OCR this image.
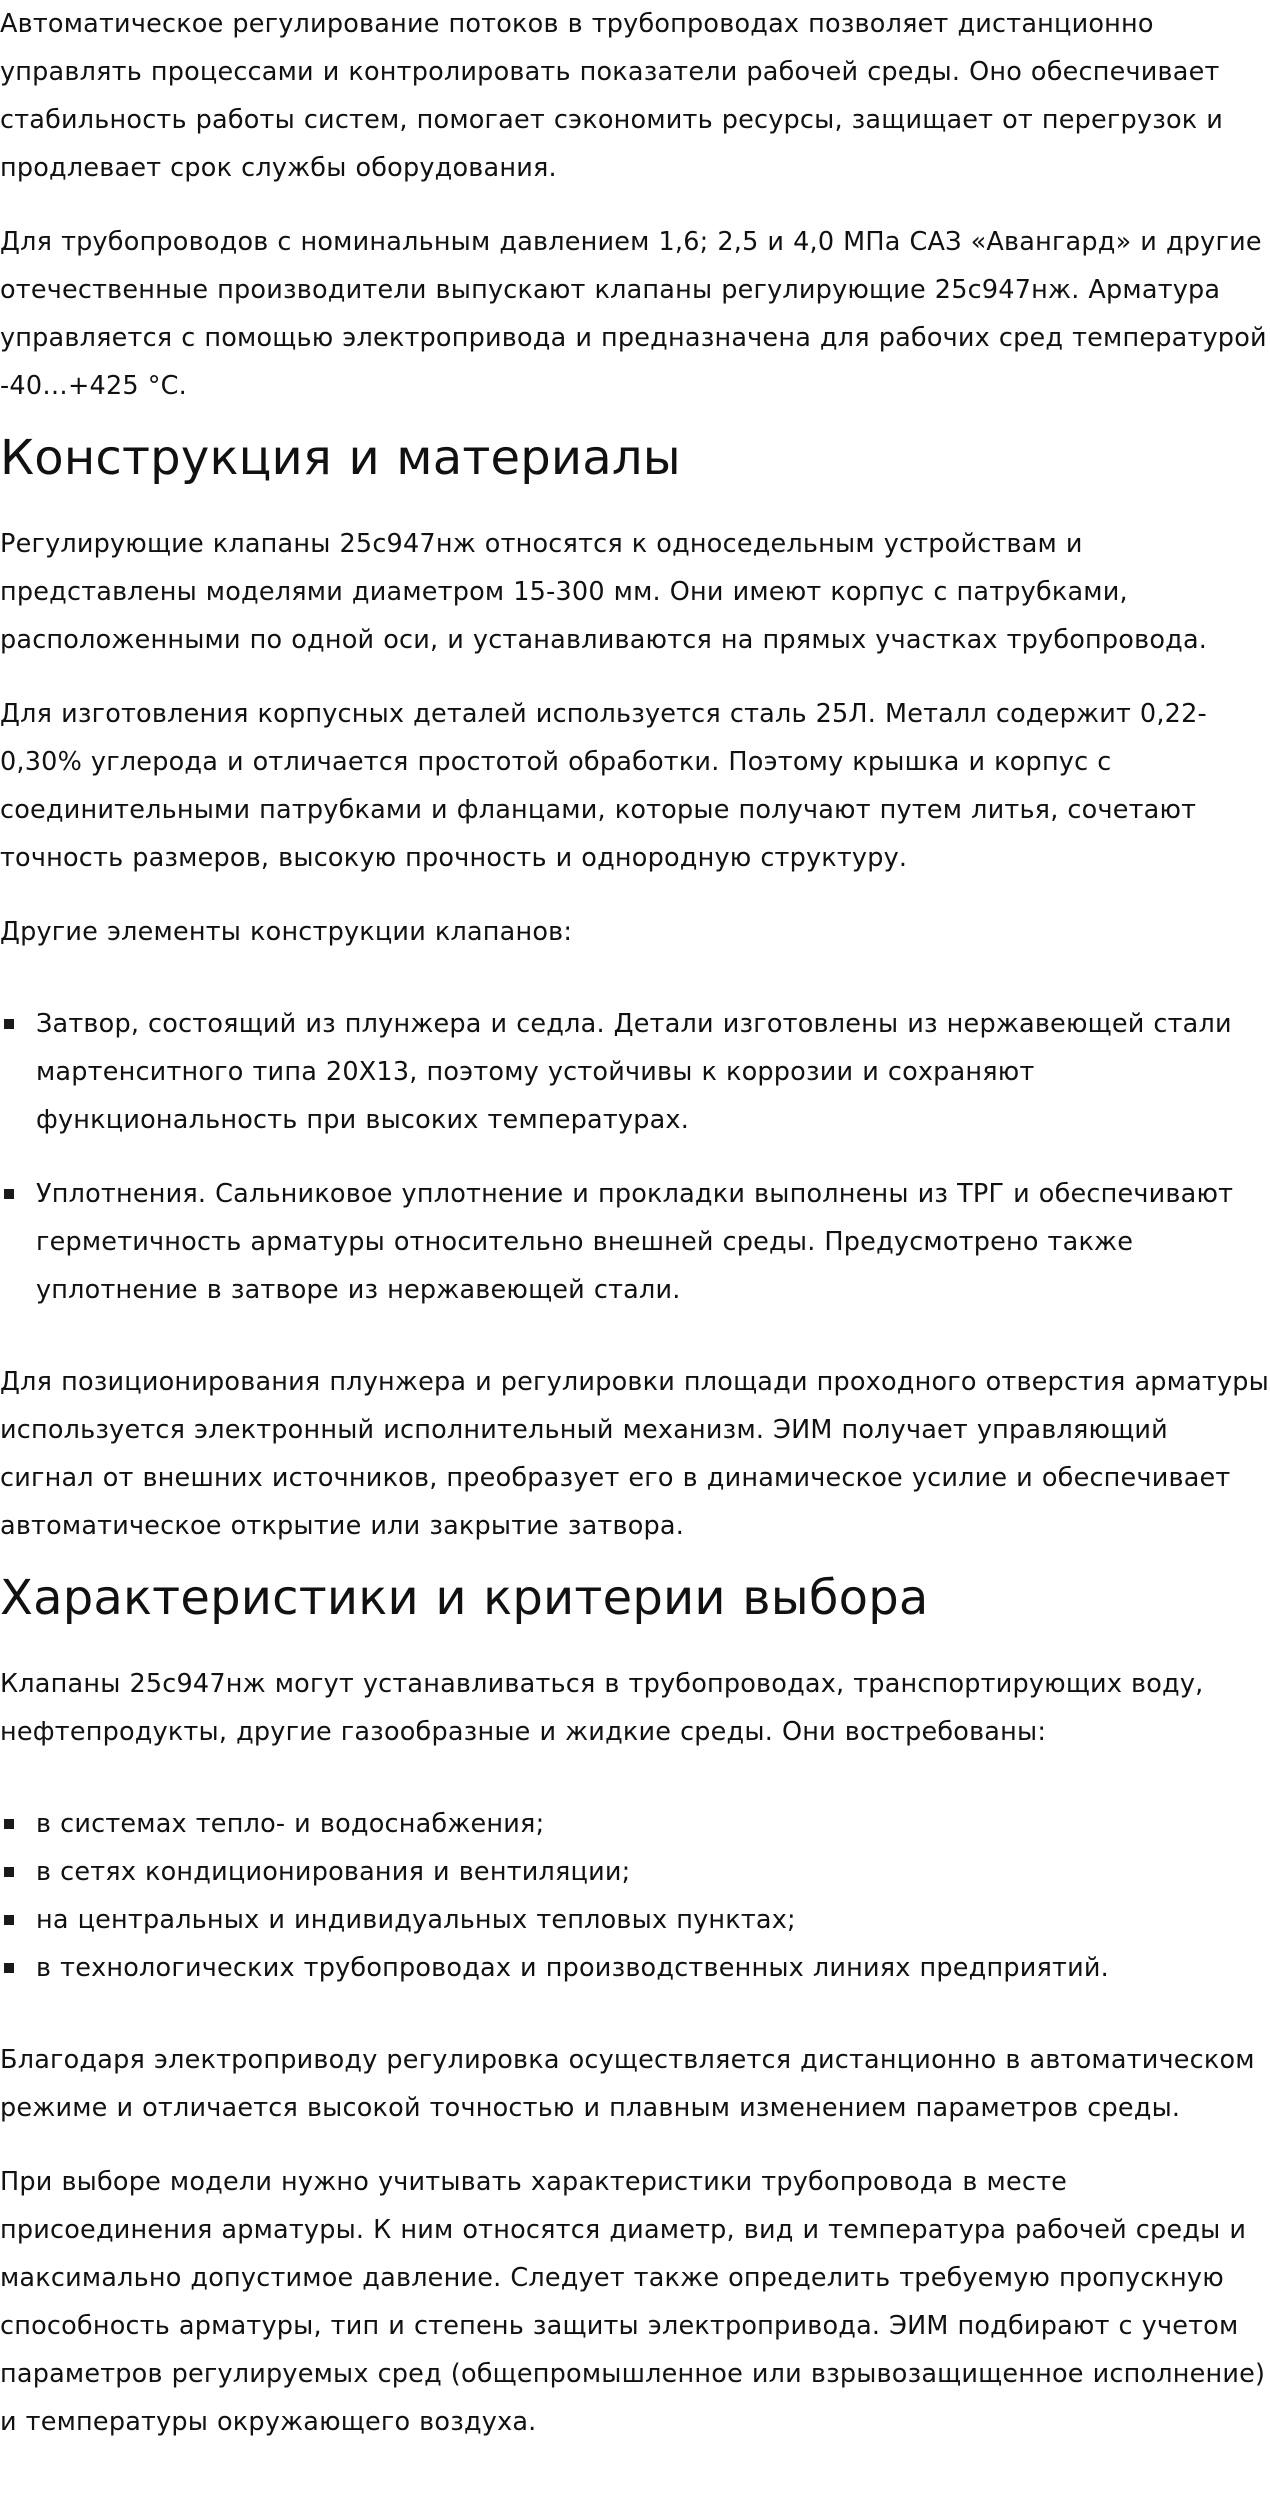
Автоматическое регулирование потоков в трубопроводах позволяет дистанционно управлять процессами и контролировать показатели рабочей среды. Оно обеспечивает стабильность работы систем, помогает сэкономить ресурсы, защищает от перегрузок и продлевает срок службы оборудования.

Для трубопроводов с номинальным давлением 1,6; 2,5 и 4,0 МПа САЗ «Авангард» и другие отечественные производители выпускают клапаны регулирующие 25с947нж. Арматура управляется с помощью электропривода и предназначена для рабочих сред температурой -40…+425 °С.

Конструкция и материалы

Регулирующие клапаны 25с947нж относятся к односедельным устройствам и представлены моделями диаметром 15-300 мм. Они имеют корпус с патрубками, расположенными по одной оси, и устанавливаются на прямых участках трубопровода.

Для изготовления корпусных деталей используется сталь 25Л. Металл содержит 0,22-0,30% углерода и отличается простотой обработки. Поэтому крышка и корпус с соединительными патрубками и фланцами, которые получают путем литья, сочетают точность размеров, высокую прочность и однородную структуру.

Другие элементы конструкции клапанов:

Затвор, состоящий из плунжера и седла. Детали изготовлены из нержавеющей стали мартенситного типа 20Х13, поэтому устойчивы к коррозии и сохраняют функциональность при высоких температурах.
Уплотнения. Сальниковое уплотнение и прокладки выполнены из ТРГ и обеспечивают герметичность арматуры относительно внешней среды. Предусмотрено также уплотнение в затворе из нержавеющей стали.

Для позиционирования плунжера и регулировки площади проходного отверстия арматуры используется электронный исполнительный механизм. ЭИМ получает управляющий сигнал от внешних источников, преобразует его в динамическое усилие и обеспечивает автоматическое открытие или закрытие затвора.

Характеристики и критерии выбора

Клапаны 25с947нж могут устанавливаться в трубопроводах, транспортирующих воду, нефтепродукты, другие газообразные и жидкие среды. Они востребованы:

в системах тепло- и водоснабжения;
в сетях кондиционирования и вентиляции;
на центральных и индивидуальных тепловых пунктах;
в технологических трубопроводах и производственных линиях предприятий.

Благодаря электроприводу регулировка осуществляется дистанционно в автоматическом режиме и отличается высокой точностью и плавным изменением параметров среды.

При выборе модели нужно учитывать характеристики трубопровода в месте присоединения арматуры. К ним относятся диаметр, вид и температура рабочей среды и максимально допустимое давление. Следует также определить требуемую пропускную способность арматуры, тип и степень защиты электропривода. ЭИМ подбирают с учетом параметров регулируемых сред (общепромышленное или взрывозащищенное исполнение) и температуры окружающего воздуха.
